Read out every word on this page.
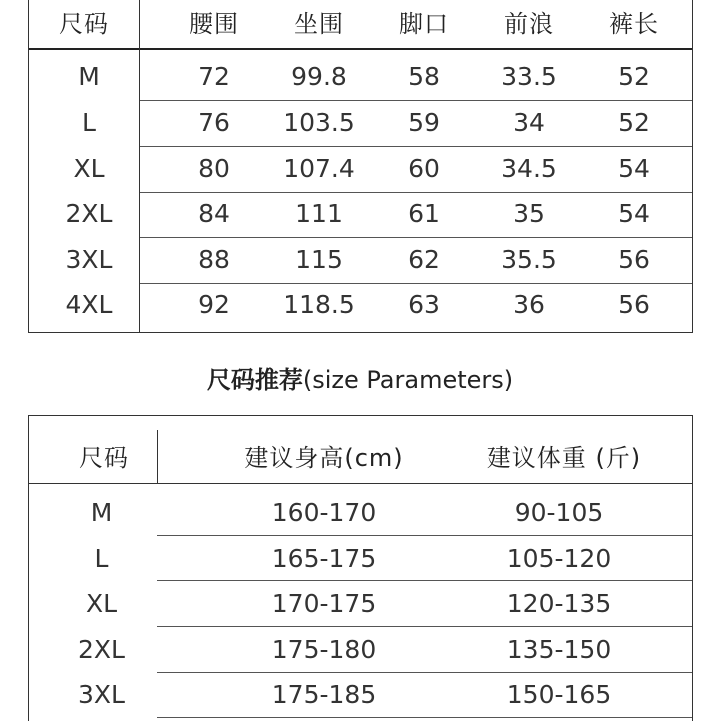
尺码	腰围	坐围	脚口	前浪	裤长
M	72	99.8	58	33.5	52
L	76	103.5	59	34	52
XL	80	107.4	60	34.5	54
2XL	84	111	61	35	54
3XL	88	115	62	35.5	56
4XL	92	118.5	63	36	56
尺码推荐(size Parameters)
尺码	建议身高(cm)	建议体重 (斤)
M	160-170	90-105
L	165-175	105-120
XL	170-175	120-135
2XL	175-180	135-150
3XL	175-185	150-165
